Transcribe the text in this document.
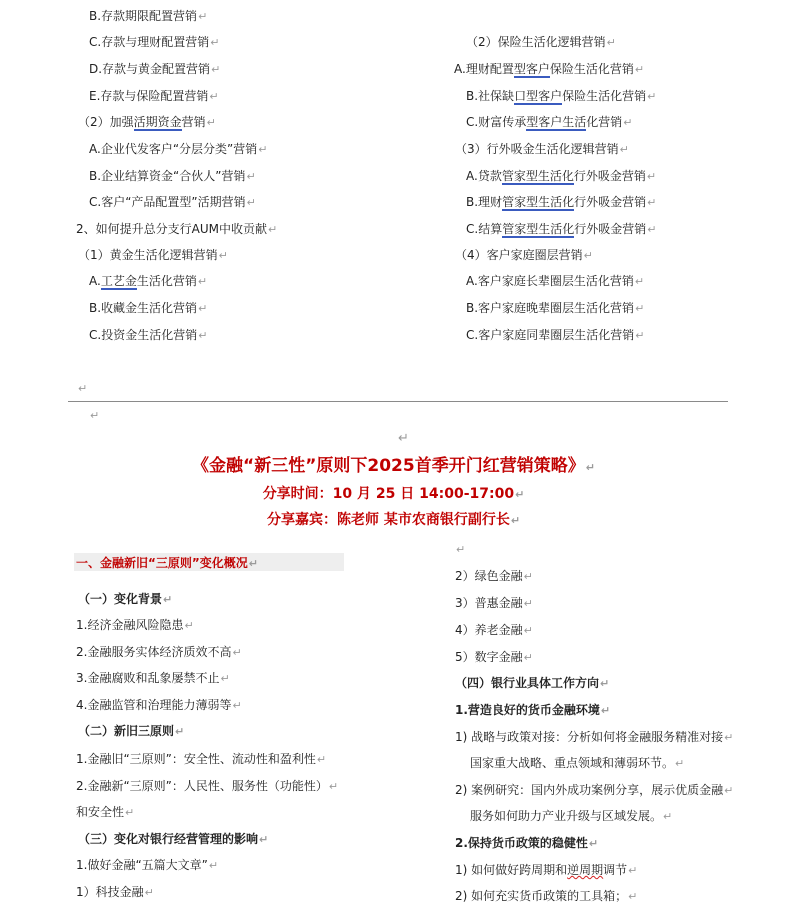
B.存款期限配置营销↵
C.存款与理财配置营销↵
D.存款与黄金配置营销↵
E.存款与保险配置营销↵
（2）加强活期资金营销↵
A.企业代发客户“分层分类”营销↵
B.企业结算资金“合伙人”营销↵
C.客户“产品配置型”活期营销↵
2、如何提升总分支行AUM中收贡献↵
（1）黄金生活化逻辑营销↵
A.工艺金生活化营销↵
B.收藏金生活化营销↵
C.投资金生活化营销↵
（2）保险生活化逻辑营销↵
A.理财配置型客户保险生活化营销↵
B.社保缺口型客户保险生活化营销↵
C.财富传承型客户生活化营销↵
（3）行外吸金生活化逻辑营销↵
A.贷款管家型生活化行外吸金营销↵
B.理财管家型生活化行外吸金营销↵
C.结算管家型生活化行外吸金营销↵
（4）客户家庭圈层营销↵
A.客户家庭长辈圈层生活化营销↵
B.客户家庭晚辈圈层生活化营销↵
C.客户家庭同辈圈层生活化营销↵
↵
↵
↵
《金融“新三性”原则下2025首季开门红营销策略》↵
分享时间：10 月 25 日 14:00-17:00↵
分享嘉宾：陈老师 某市农商银行副行长↵
↵
一、金融新旧“三原则”变化概况↵
（一）变化背景↵
1.经济金融风险隐患↵
2.金融服务实体经济质效不高↵
3.金融腐败和乱象屡禁不止↵
4.金融监管和治理能力薄弱等↵
（二）新旧三原则↵
1.金融旧“三原则”：安全性、流动性和盈利性↵
2.金融新“三原则”：人民性、服务性（功能性）↵
和安全性↵
（三）变化对银行经营管理的影响↵
1.做好金融“五篇大文章”↵
1）科技金融↵
2）绿色金融↵
3）普惠金融↵
4）养老金融↵
5）数字金融↵
（四）银行业具体工作方向↵
1.营造良好的货币金融环境↵
1) 战略与政策对接：分析如何将金融服务精准对接↵
国家重大战略、重点领域和薄弱环节。↵
2) 案例研究：国内外成功案例分享，展示优质金融↵
服务如何助力产业升级与区域发展。↵
2.保持货币政策的稳健性↵
1) 如何做好跨周期和逆周期调节↵
2) 如何充实货币政策的工具箱；↵
